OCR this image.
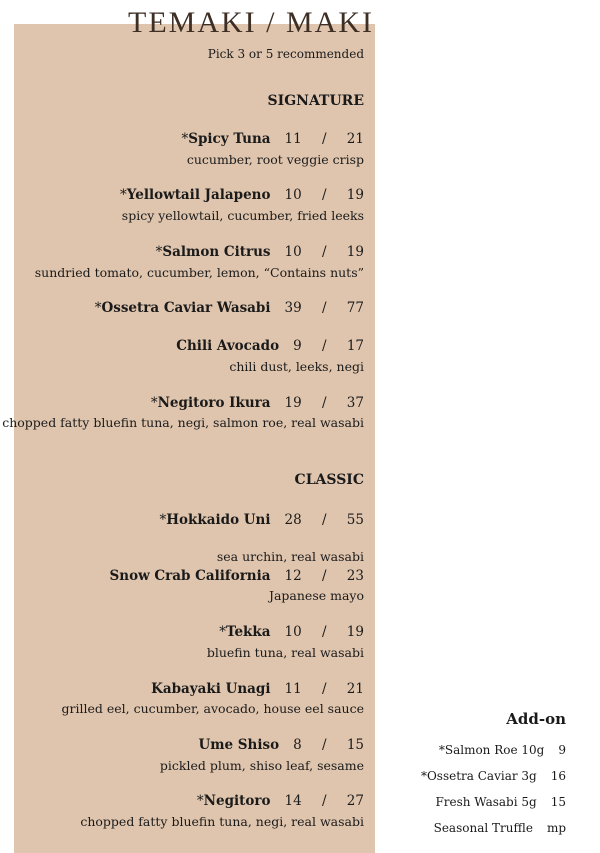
TEMAKI / MAKI
Pick 3 or 5 recommended
SIGNATURE
*Spicy Tuna 11 / 21
cucumber, root veggie crisp
*Yellowtail Jalapeno 10 / 19
spicy yellowtail, cucumber, fried leeks
*Salmon Citrus 10 / 19
sundried tomato, cucumber, lemon, “Contains nuts”
*Ossetra Caviar Wasabi 39 / 77
Chili Avocado 9 / 17
chili dust, leeks, negi
*Negitoro Ikura 19 / 37
chopped fatty bluefin tuna, negi, salmon roe, real wasabi
CLASSIC
*Hokkaido Uni 28 / 55
sea urchin, real wasabi
Snow Crab California 12 / 23
Japanese mayo
*Tekka 10 / 19
bluefin tuna, real wasabi
Kabayaki Unagi 11 / 21
grilled eel, cucumber, avocado, house eel sauce
Ume Shiso 8 / 15
pickled plum, shiso leaf, sesame
*Negitoro 14 / 27
chopped fatty bluefin tuna, negi, real wasabi
Add-on
*Salmon Roe 10g 9
*Ossetra Caviar 3g 16
Fresh Wasabi 5g 15
Seasonal Truffle mp
